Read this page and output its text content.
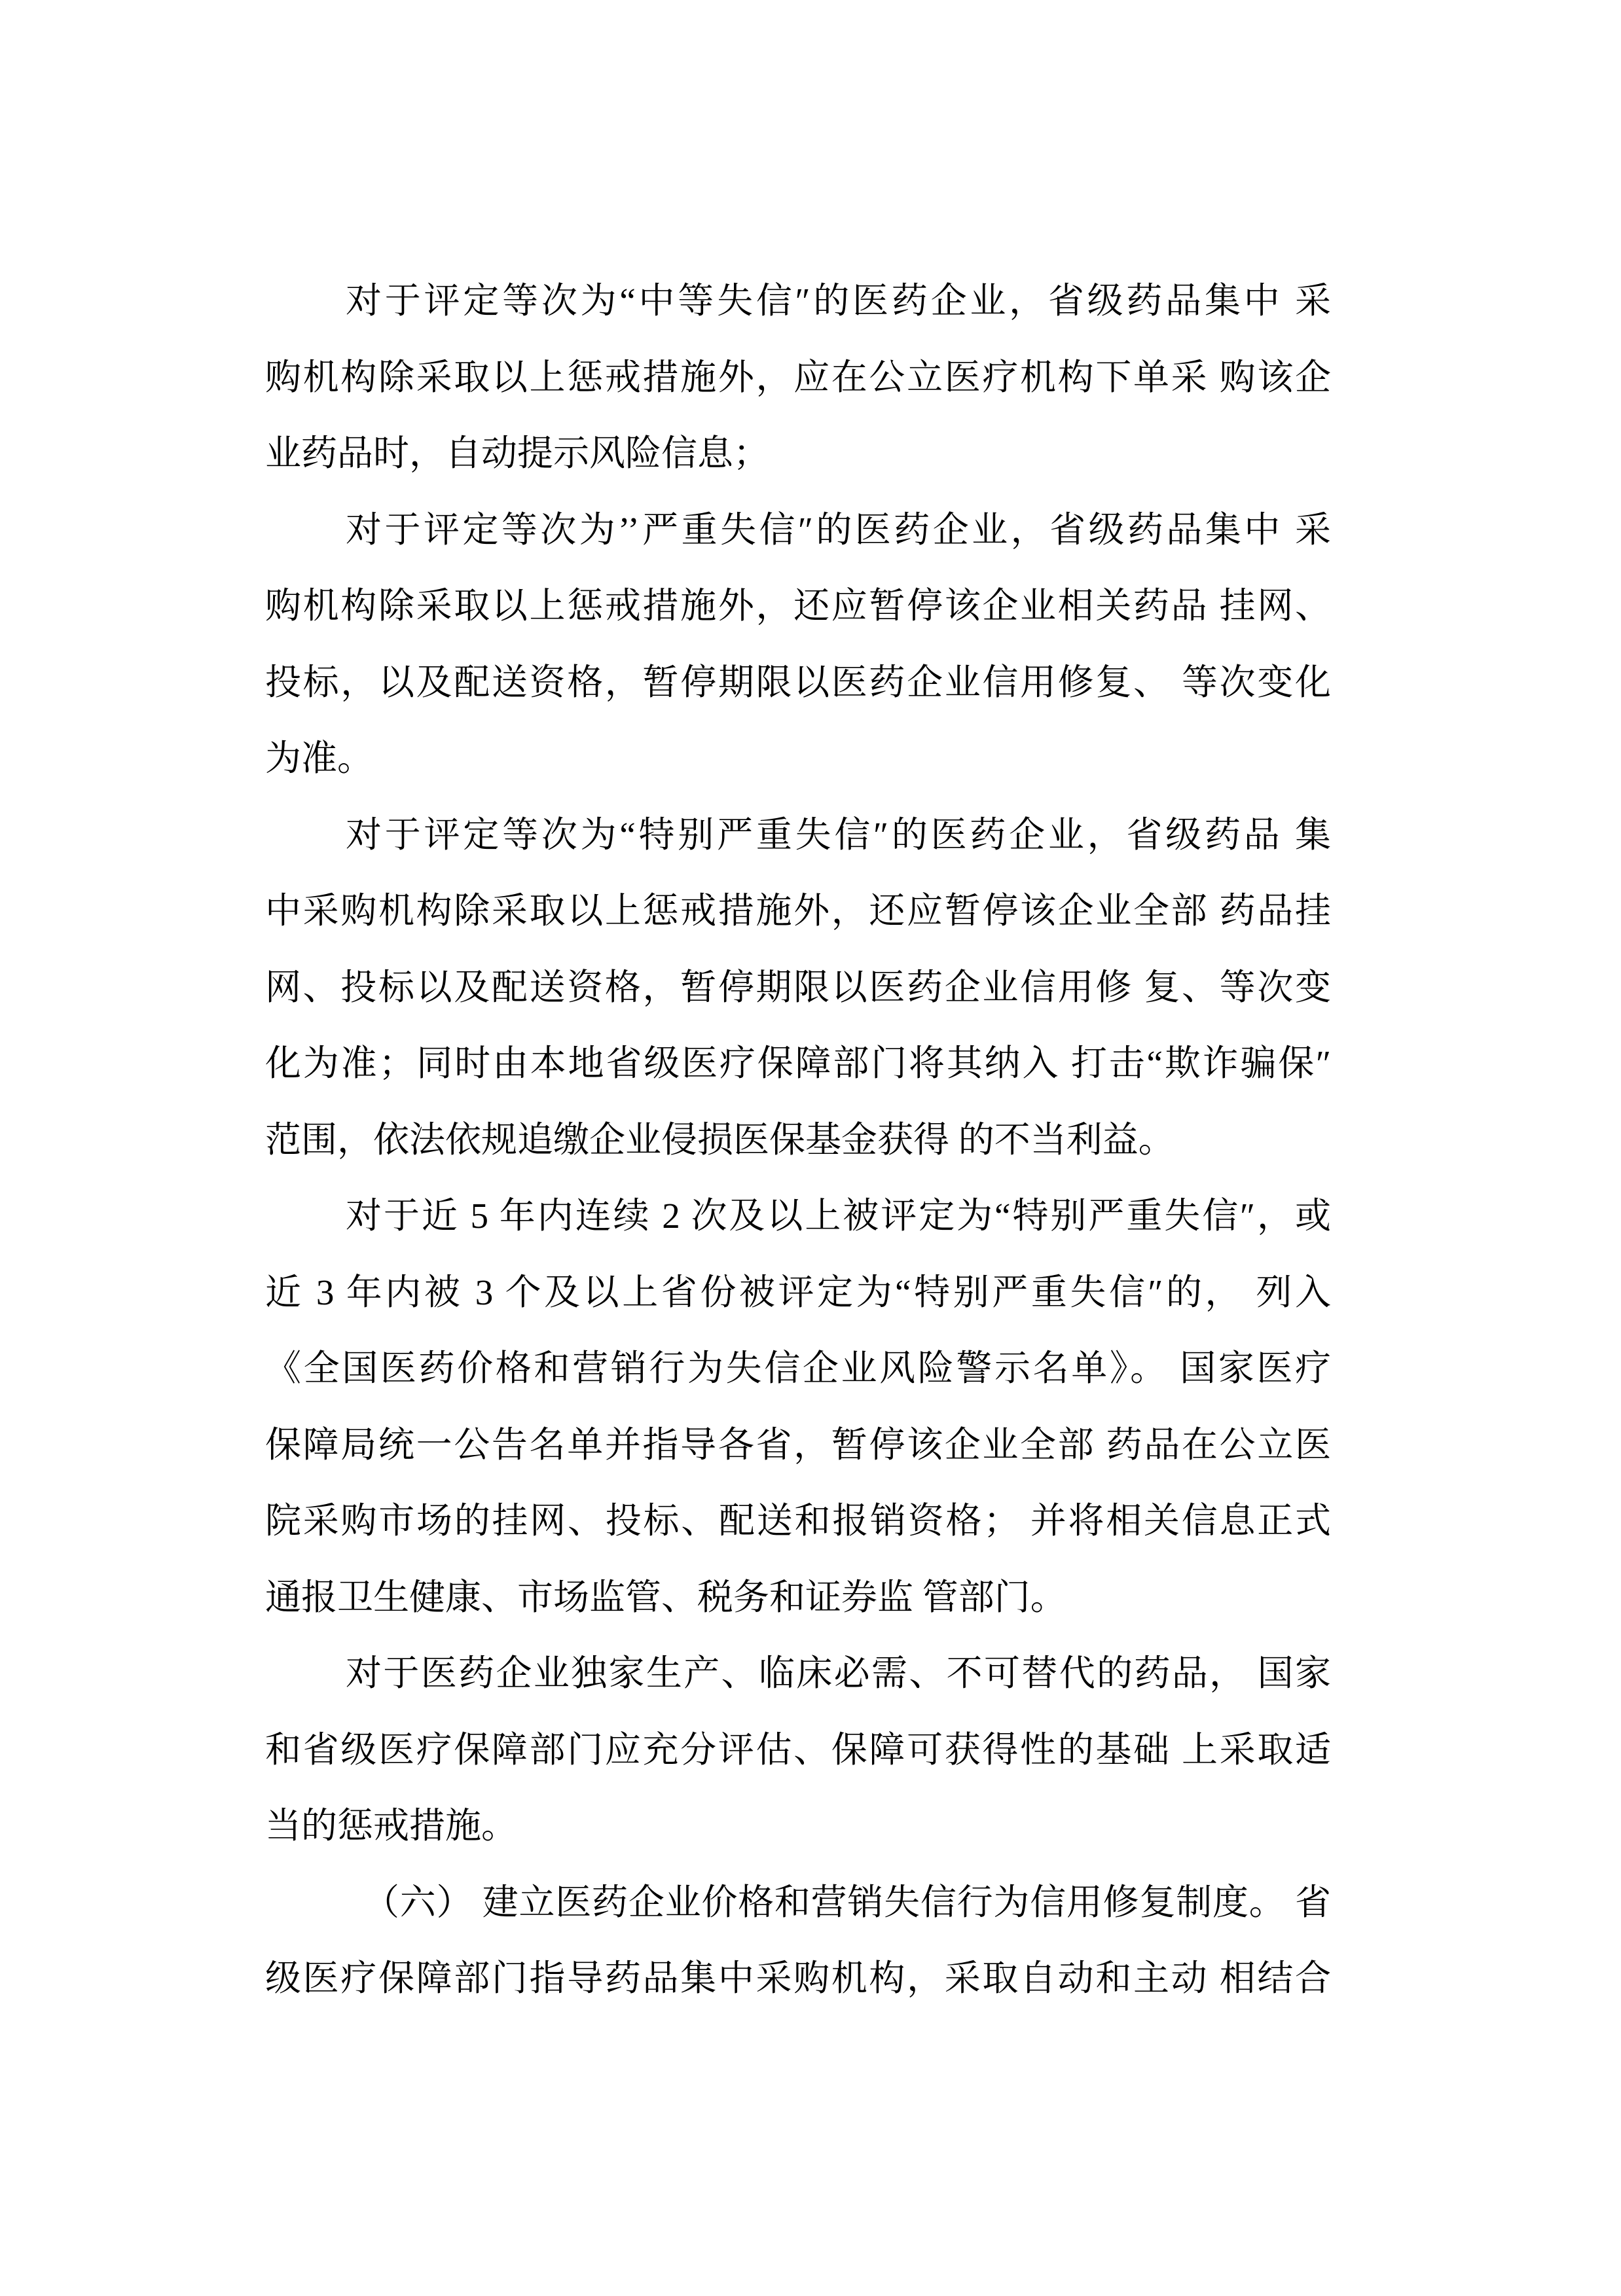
对于评定等次为“中等失信″的医药企业，省级药品集中 采
购机构除采取以上惩戒措施外，应在公立医疗机构下单采 购该企
业药品时，自动提示风险信息；
对于评定等次为’’严重失信″的医药企业，省级药品集中 采
购机构除采取以上惩戒措施外，还应暂停该企业相关药品 挂网、
投标，以及配送资格，暂停期限以医药企业信用修复、 等次变化
为准。
对于评定等次为“特别严重失信″的医药企业，省级药品 集
中采购机构除采取以上惩戒措施外，还应暂停该企业全部 药品挂
网、投标以及配送资格，暂停期限以医药企业信用修 复、等次变
化为准；同时由本地省级医疗保障部门将其纳入 打击“欺诈骗保″
范围，依法依规追缴企业侵损医保基金获得 的不当利益。
对于近 5 年内连续 2 次及以上被评定为“特别严重失信″，或
近 3 年内被 3 个及以上省份被评定为“特别严重失信″的， 列入
《全国医药价格和营销行为失信企业风险警示名单》。 国家医疗
保障局统一公告名单并指导各省，暂停该企业全部 药品在公立医
院采购市场的挂网、投标、配送和报销资格； 并将相关信息正式
通报卫生健康、市场监管、税务和证券监 管部门。
对于医药企业独家生产、临床必需、不可替代的药品， 国家
和省级医疗保障部门应充分评估、保障可获得性的基础 上采取适
当的惩戒措施。
（六） 建立医药企业价格和营销失信行为信用修复制度。 省
级医疗保障部门指导药品集中采购机构，采取自动和主动 相结合
